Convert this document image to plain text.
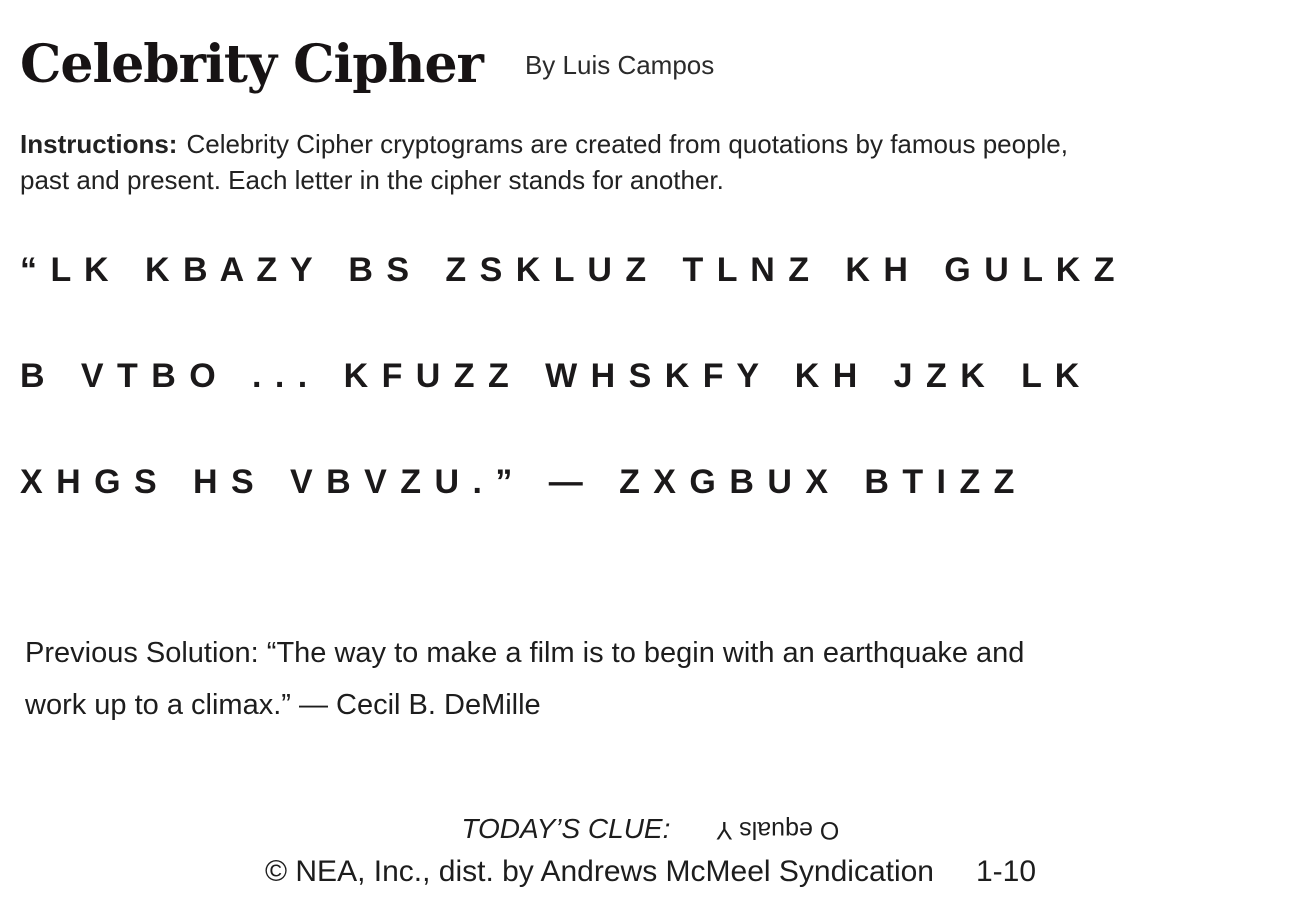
Celebrity Cipher By Luis Campos
Instructions: Celebrity Cipher cryptograms are created from quotations by famous people,
past and present. Each letter in the cipher stands for another.
“ L K   K B A Z Y   B S   Z S K L U Z   T L N Z   K H   G U L K Z
B   V T B O   . . .   K F U Z Z   W H S K F Y   K H   J Z K   L K
X H G S   H S   V B V Z U . ”   —   Z X G B U X   B T I Z Z
Previous Solution: “The way to make a film is to begin with an earthquake and
work up to a climax.” — Cecil B. DeMille
TODAY’S CLUE: O equals Y
© NEA, Inc., dist. by Andrews McMeel Syndication 1-10
